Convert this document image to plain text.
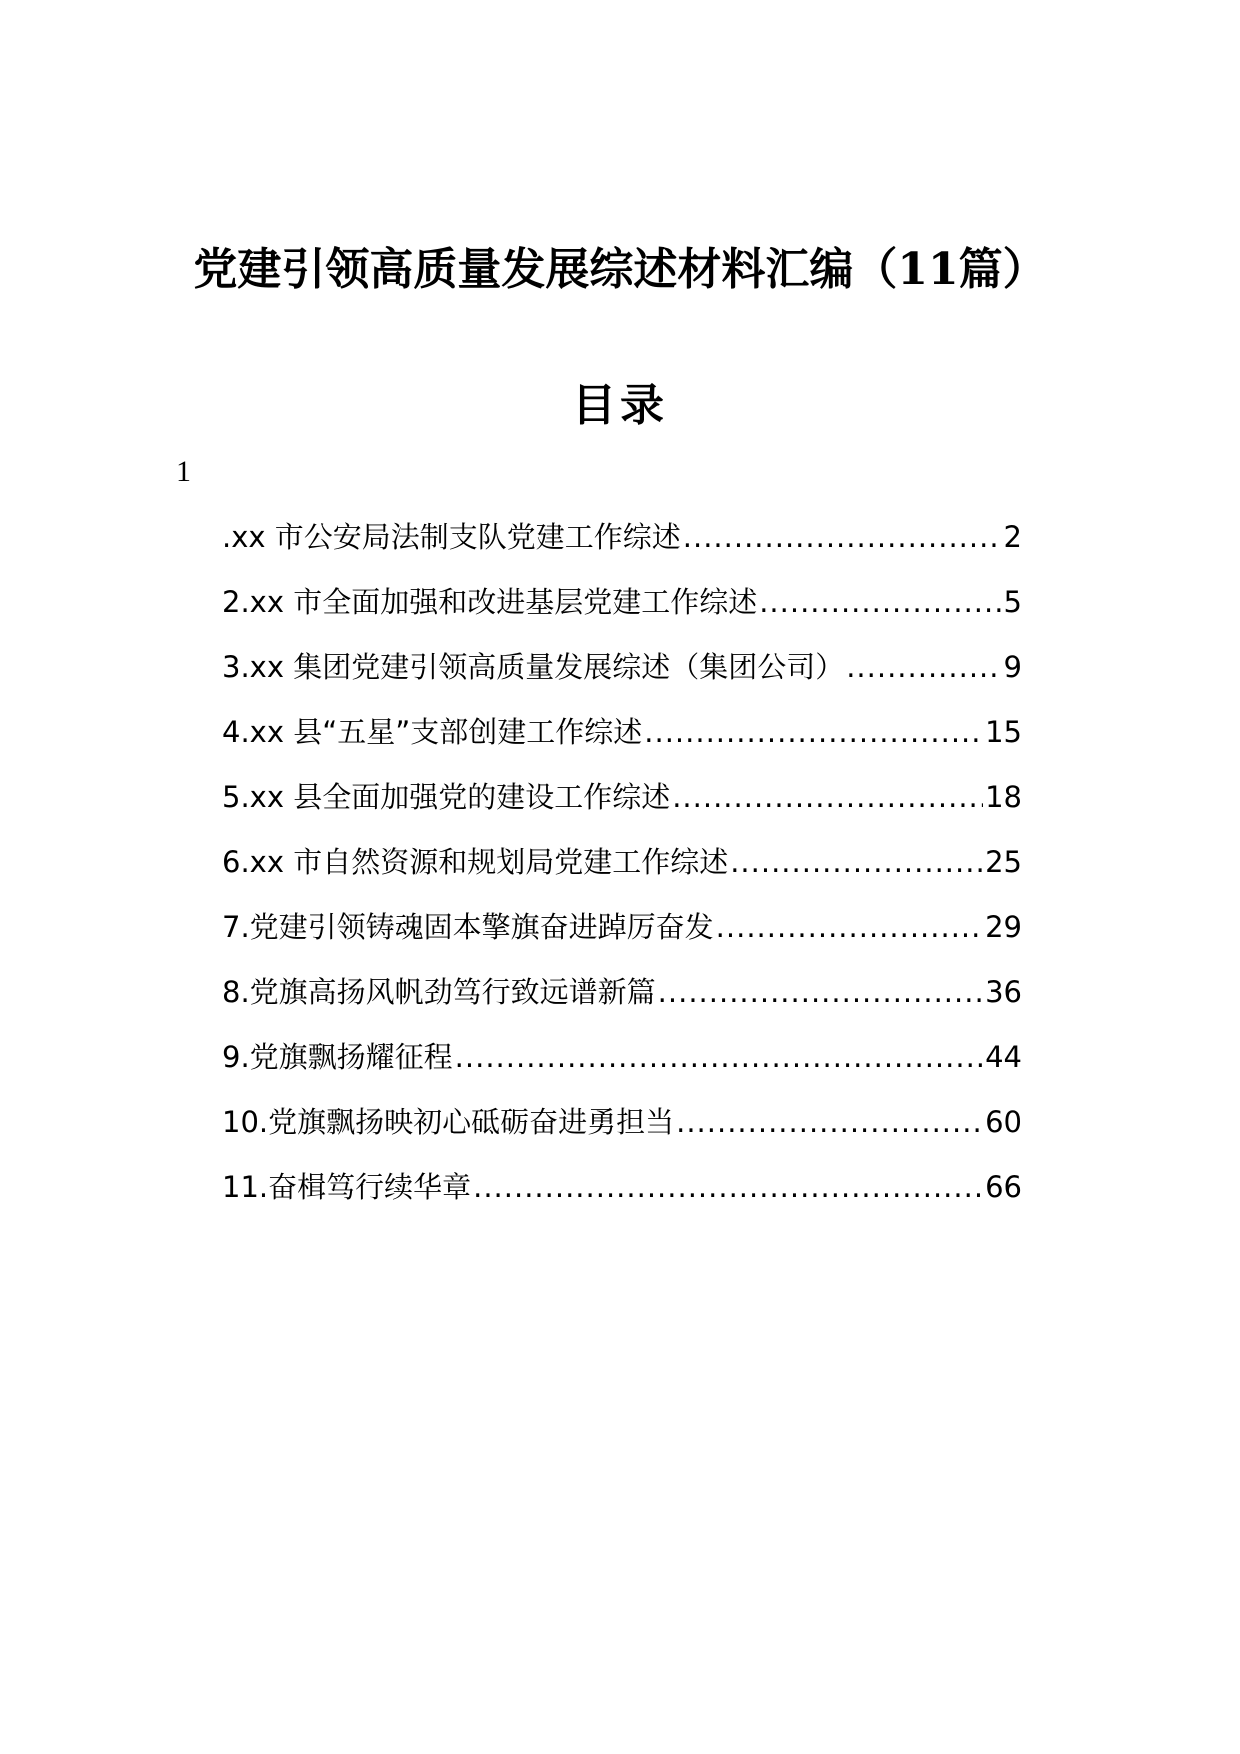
党建引领高质量发展综述材料汇编（11篇）
目录
1
.xx 市公安局法制支队党建工作综述 .....	2
2.xx 市全面加强和改进基层党建工作综述 .....	5
3.xx 集团党建引领高质量发展综述（集团公司） .....	9
4.xx 县“五星”支部创建工作综述 .....	15
5.xx 县全面加强党的建设工作综述 .....	18
6.xx 市自然资源和规划局党建工作综述 .....	25
7.党建引领铸魂固本擎旗奋进踔厉奋发 .....	29
8.党旗高扬风帆劲笃行致远谱新篇 .....	36
9.党旗飘扬耀征程 .....	44
10.党旗飘扬映初心砥砺奋进勇担当 .....	60
11.奋楫笃行续华章 .....	66
